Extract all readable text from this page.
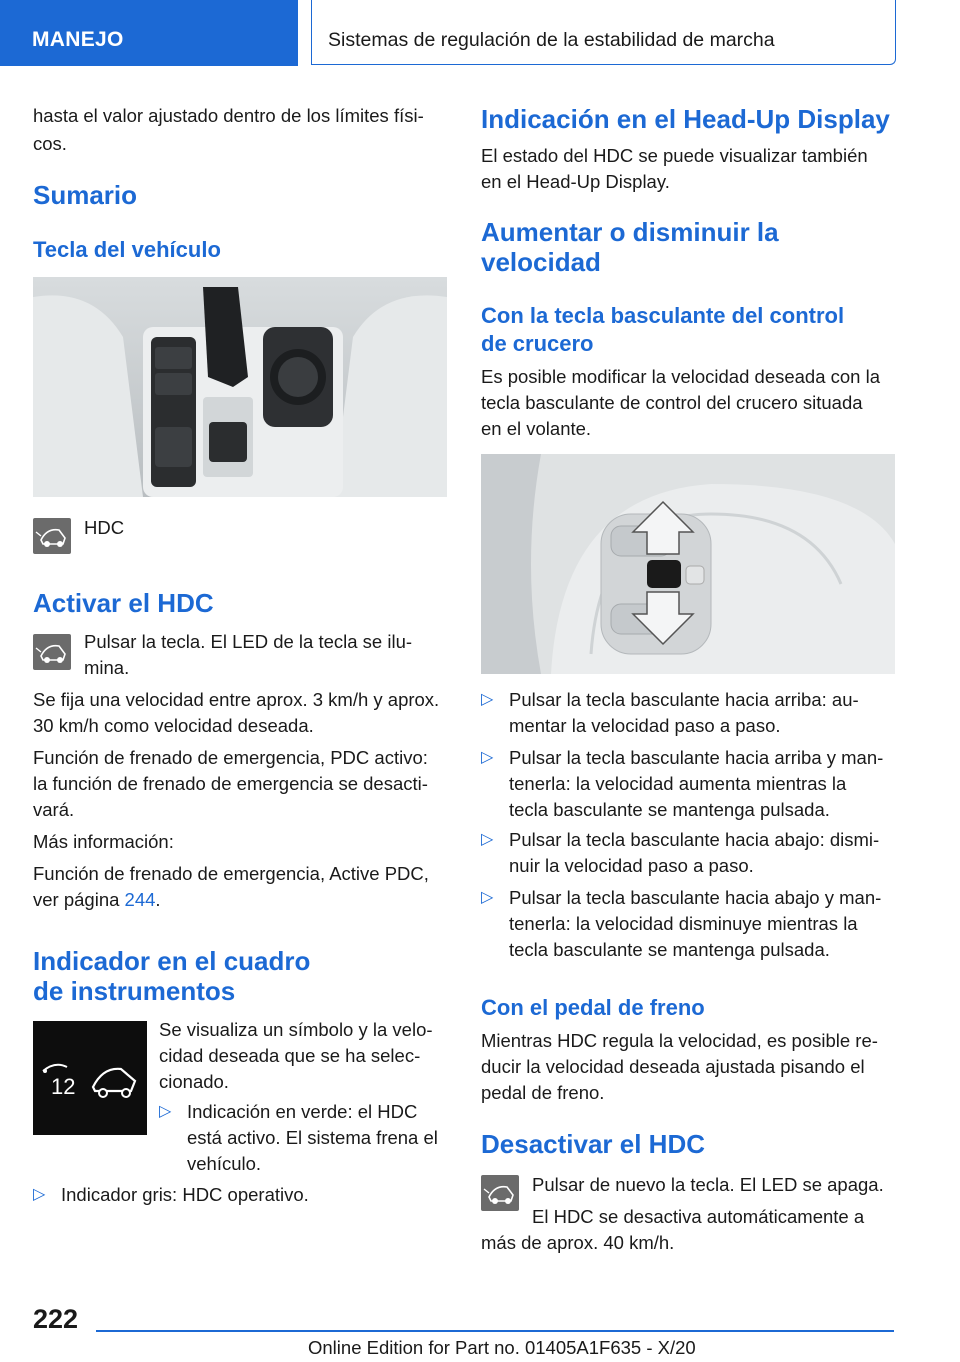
MANEJO	Sistemas de regulación de la estabilidad de marcha

hasta el valor ajustado dentro de los límites físi-

cos.

Sumario
Tecla del vehículo

HDC

Activar el HDC

Pulsar la tecla. El LED de la tecla se ilu-

mina.

Se fija una velocidad entre aprox. 3 km/h y aprox.

30 km/h como velocidad deseada.

Función de frenado de emergencia, PDC activo:

la función de frenado de emergencia se desacti-

vará.

Más información:

Función de frenado de emergencia, Active PDC,

ver página 244.

Indicador en el cuadro
de instrumentos
12

Se visualiza un símbolo y la velo-

cidad deseada que se ha selec-

cionado.

▷ Indicación en verde: el HDC
está activo. El sistema frena el
vehículo.
▷ Indicador gris: HDC operativo.
Indicación en el Head-Up Display

El estado del HDC se puede visualizar también

en el Head-Up Display.

Aumentar o disminuir la
velocidad
Con la tecla basculante del control
de crucero

Es posible modificar la velocidad deseada con la

tecla basculante de control del crucero situada

en el volante.

▷ Pulsar la tecla basculante hacia arriba: au-
mentar la velocidad paso a paso.
▷ Pulsar la tecla basculante hacia arriba y man-
tenerla: la velocidad aumenta mientras la
tecla basculante se mantenga pulsada.
▷ Pulsar la tecla basculante hacia abajo: dismi-
nuir la velocidad paso a paso.
▷ Pulsar la tecla basculante hacia abajo y man-
tenerla: la velocidad disminuye mientras la
tecla basculante se mantenga pulsada.
Con el pedal de freno

Mientras HDC regula la velocidad, es posible re-

ducir la velocidad deseada ajustada pisando el

pedal de freno.

Desactivar el HDC

Pulsar de nuevo la tecla. El LED se apaga.

El HDC se desactiva automáticamente a

más de aprox. 40 km/h.

222
Online Edition for Part no. 01405A1F635 - X/20
